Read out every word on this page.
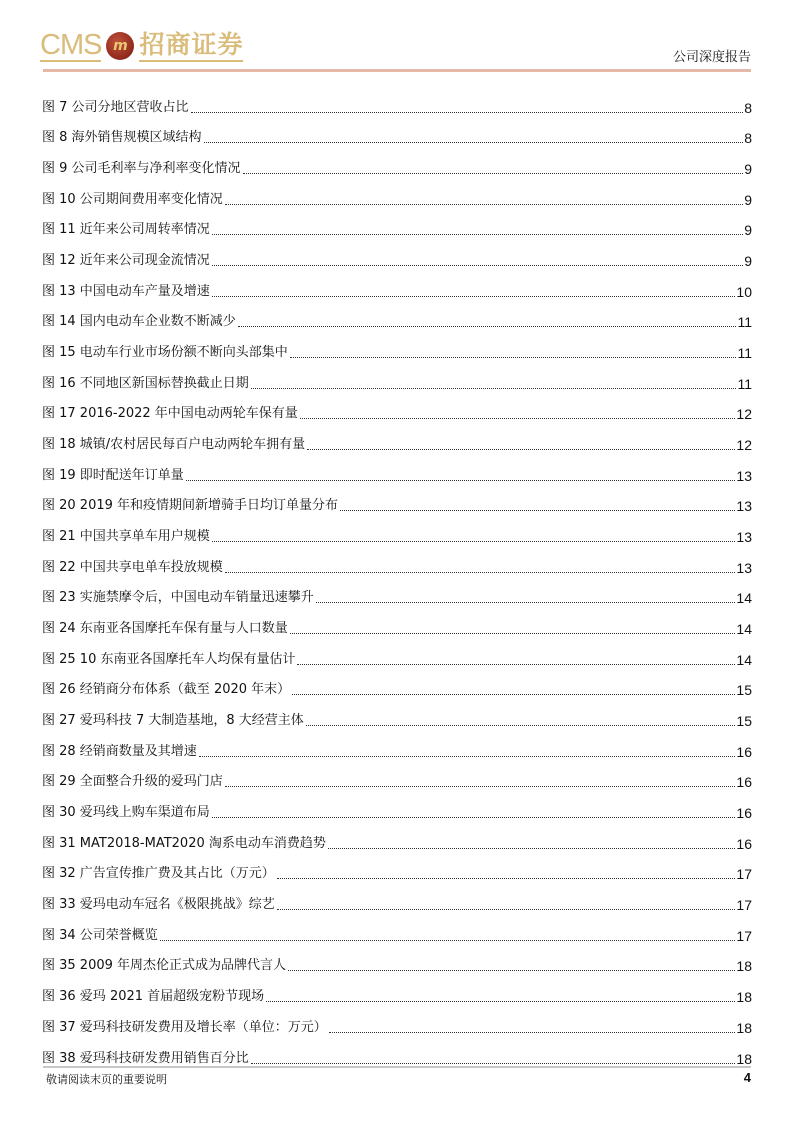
CMS m 招商证券	公司深度报告
图 7 公司分地区营收占比	8
图 8 海外销售规模区域结构	8
图 9 公司毛利率与净利率变化情况	9
图 10 公司期间费用率变化情况	9
图 11 近年来公司周转率情况	9
图 12 近年来公司现金流情况	9
图 13 中国电动车产量及增速	10
图 14 国内电动车企业数不断减少	11
图 15 电动车行业市场份额不断向头部集中	11
图 16 不同地区新国标替换截止日期	11
图 17 2016-2022 年中国电动两轮车保有量	12
图 18 城镇/农村居民每百户电动两轮车拥有量	12
图 19 即时配送年订单量	13
图 20 2019 年和疫情期间新增骑手日均订单量分布	13
图 21 中国共享单车用户规模	13
图 22 中国共享电单车投放规模	13
图 23 实施禁摩令后，中国电动车销量迅速攀升	14
图 24 东南亚各国摩托车保有量与人口数量	14
图 25 10 东南亚各国摩托车人均保有量估计	14
图 26 经销商分布体系（截至 2020 年末）	15
图 27 爱玛科技 7 大制造基地，8 大经营主体	15
图 28 经销商数量及其增速	16
图 29 全面整合升级的爱玛门店	16
图 30 爱玛线上购车渠道布局	16
图 31 MAT2018-MAT2020 淘系电动车消费趋势	16
图 32 广告宣传推广费及其占比（万元）	17
图 33 爱玛电动车冠名《极限挑战》综艺	17
图 34 公司荣誉概览	17
图 35 2009 年周杰伦正式成为品牌代言人	18
图 36 爱玛 2021 首届超级宠粉节现场	18
图 37 爱玛科技研发费用及增长率（单位：万元）	18
图 38 爱玛科技研发费用销售百分比	18
敬请阅读末页的重要说明	4
